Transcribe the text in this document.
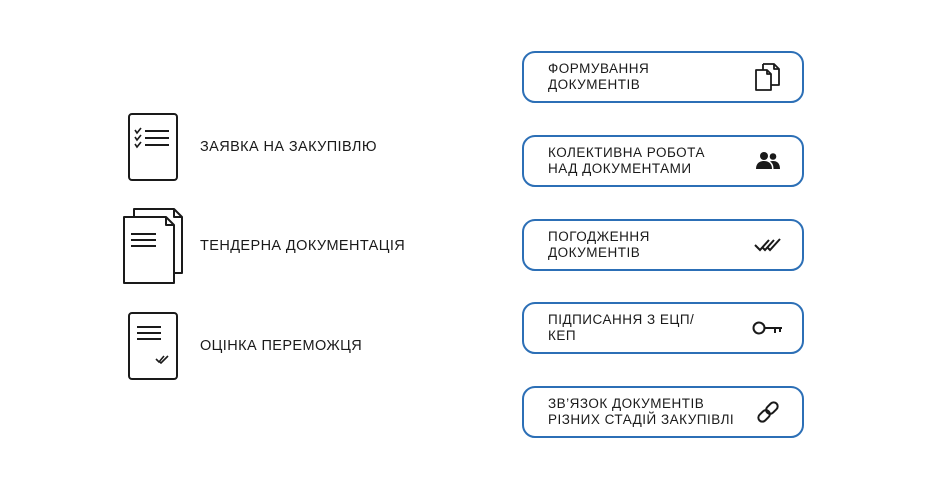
ЗАЯВКА НА ЗАКУПІВЛЮ
ТЕНДЕРНА ДОКУМЕНТАЦІЯ
ОЦІНКА ПЕРЕМОЖЦЯ
ФОРМУВАННЯ
ДОКУМЕНТІВ
КОЛЕКТИВНА РОБОТА
НАД ДОКУМЕНТАМИ
ПОГОДЖЕННЯ
ДОКУМЕНТІВ
ПІДПИСАННЯ З ЕЦП/
КЕП
ЗВ’ЯЗОК ДОКУМЕНТІВ
РІЗНИХ СТАДІЙ ЗАКУПІВЛІ
